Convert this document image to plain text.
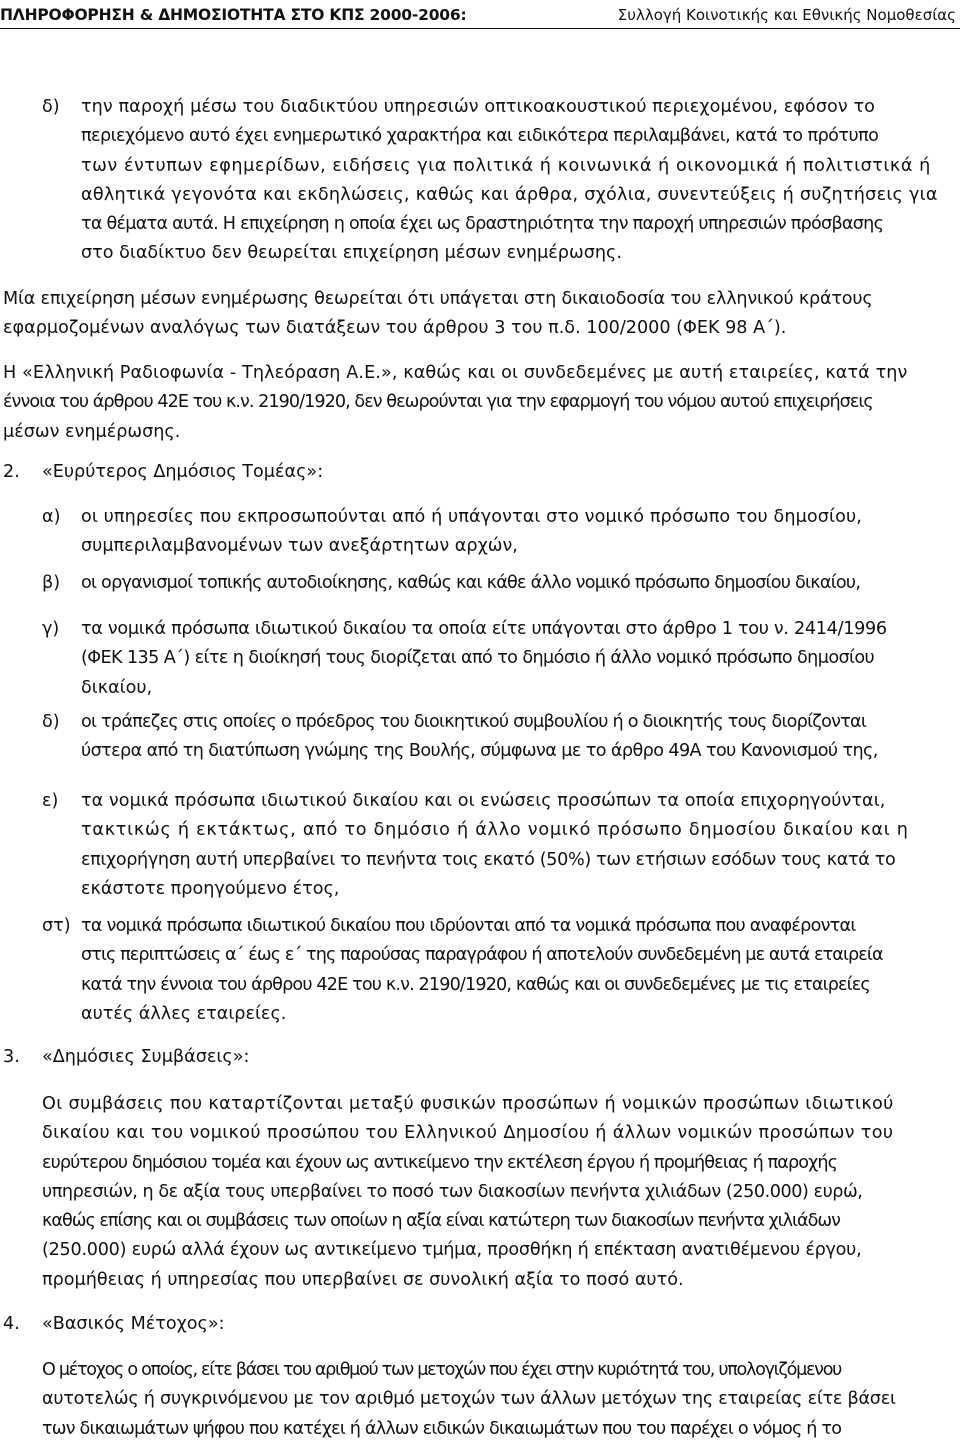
ΠΛΗΡΟΦΟΡΗΣΗ & ΔΗΜΟΣΙΟΤΗΤΑ ΣΤΟ ΚΠΣ 2000-2006:	Συλλογή Κοινοτικής και Εθνικής Νομοθεσίας
δ) την παροχή μέσω του διαδικτύου υπηρεσιών οπτικοακουστικού περιεχομένου, εφόσον το
περιεχόμενο αυτό έχει ενημερωτικό χαρακτήρα και ειδικότερα περιλαμβάνει, κατά το πρότυπο
των έντυπων εφημερίδων, ειδήσεις για πολιτικά ή κοινωνικά ή οικονομικά ή πολιτιστικά ή
αθλητικά γεγονότα και εκδηλώσεις, καθώς και άρθρα, σχόλια, συνεντεύξεις ή συζητήσεις για
τα θέματα αυτά. Η επιχείρηση η οποία έχει ως δραστηριότητα την παροχή υπηρεσιών πρόσβασης
στο διαδίκτυο δεν θεωρείται επιχείρηση μέσων ενημέρωσης.
Μία επιχείρηση μέσων ενημέρωσης θεωρείται ότι υπάγεται στη δικαιοδοσία του ελληνικού κράτους
εφαρμοζομένων αναλόγως των διατάξεων του άρθρου 3 του π.δ. 100/2000 (ΦΕΚ 98 Α΄).
Η «Ελληνική Ραδιοφωνία - Τηλεόραση Α.Ε.», καθώς και οι συνδεδεμένες με αυτή εταιρείες, κατά την
έννοια του άρθρου 42Ε του κ.ν. 2190/1920, δεν θεωρούνται για την εφαρμογή του νόμου αυτού επιχειρήσεις
μέσων ενημέρωσης.
2. «Ευρύτερος Δημόσιος Τομέας»:
α) οι υπηρεσίες που εκπροσωπούνται από ή υπάγονται στο νομικό πρόσωπο του δημοσίου,
συμπεριλαμβανομένων των ανεξάρτητων αρχών,
β) οι οργανισμοί τοπικής αυτοδιοίκησης, καθώς και κάθε άλλο νομικό πρόσωπο δημοσίου δικαίου,
γ) τα νομικά πρόσωπα ιδιωτικού δικαίου τα οποία είτε υπάγονται στο άρθρο 1 του ν. 2414/1996
(ΦΕΚ 135 Α΄) είτε η διοίκησή τους διορίζεται από το δημόσιο ή άλλο νομικό πρόσωπο δημοσίου
δικαίου,
δ) οι τράπεζες στις οποίες ο πρόεδρος του διοικητικού συμβουλίου ή ο διοικητής τους διορίζονται
ύστερα από τη διατύπωση γνώμης της Βουλής, σύμφωνα με το άρθρο 49Α του Κανονισμού της,
ε) τα νομικά πρόσωπα ιδιωτικού δικαίου και οι ενώσεις προσώπων τα οποία επιχορηγούνται,
τακτικώς ή εκτάκτως, από το δημόσιο ή άλλο νομικό πρόσωπο δημοσίου δικαίου και η
επιχορήγηση αυτή υπερβαίνει το πενήντα τοις εκατό (50%) των ετήσιων εσόδων τους κατά το
εκάστοτε προηγούμενο έτος,
στ) τα νομικά πρόσωπα ιδιωτικού δικαίου που ιδρύονται από τα νομικά πρόσωπα που αναφέρονται
στις περιπτώσεις α΄ έως ε΄ της παρούσας παραγράφου ή αποτελούν συνδεδεμένη με αυτά εταιρεία
κατά την έννοια του άρθρου 42Ε του κ.ν. 2190/1920, καθώς και οι συνδεδεμένες με τις εταιρείες
αυτές άλλες εταιρείες.
3. «Δημόσιες Συμβάσεις»:
Οι συμβάσεις που καταρτίζονται μεταξύ φυσικών προσώπων ή νομικών προσώπων ιδιωτικού
δικαίου και του νομικού προσώπου του Ελληνικού Δημοσίου ή άλλων νομικών προσώπων του
ευρύτερου δημόσιου τομέα και έχουν ως αντικείμενο την εκτέλεση έργου ή προμήθειας ή παροχής
υπηρεσιών, η δε αξία τους υπερβαίνει το ποσό των διακοσίων πενήντα χιλιάδων (250.000) ευρώ,
καθώς επίσης και οι συμβάσεις των οποίων η αξία είναι κατώτερη των διακοσίων πενήντα χιλιάδων
(250.000) ευρώ αλλά έχουν ως αντικείμενο τμήμα, προσθήκη ή επέκταση ανατιθέμενου έργου,
προμήθειας ή υπηρεσίας που υπερβαίνει σε συνολική αξία το ποσό αυτό.
4. «Βασικός Μέτοχος»:
Ο μέτοχος ο οποίος, είτε βάσει του αριθμού των μετοχών που έχει στην κυριότητά του, υπολογιζόμενου
αυτοτελώς ή συγκρινόμενου με τον αριθμό μετοχών των άλλων μετόχων της εταιρείας είτε βάσει
των δικαιωμάτων ψήφου που κατέχει ή άλλων ειδικών δικαιωμάτων που του παρέχει ο νόμος ή το
